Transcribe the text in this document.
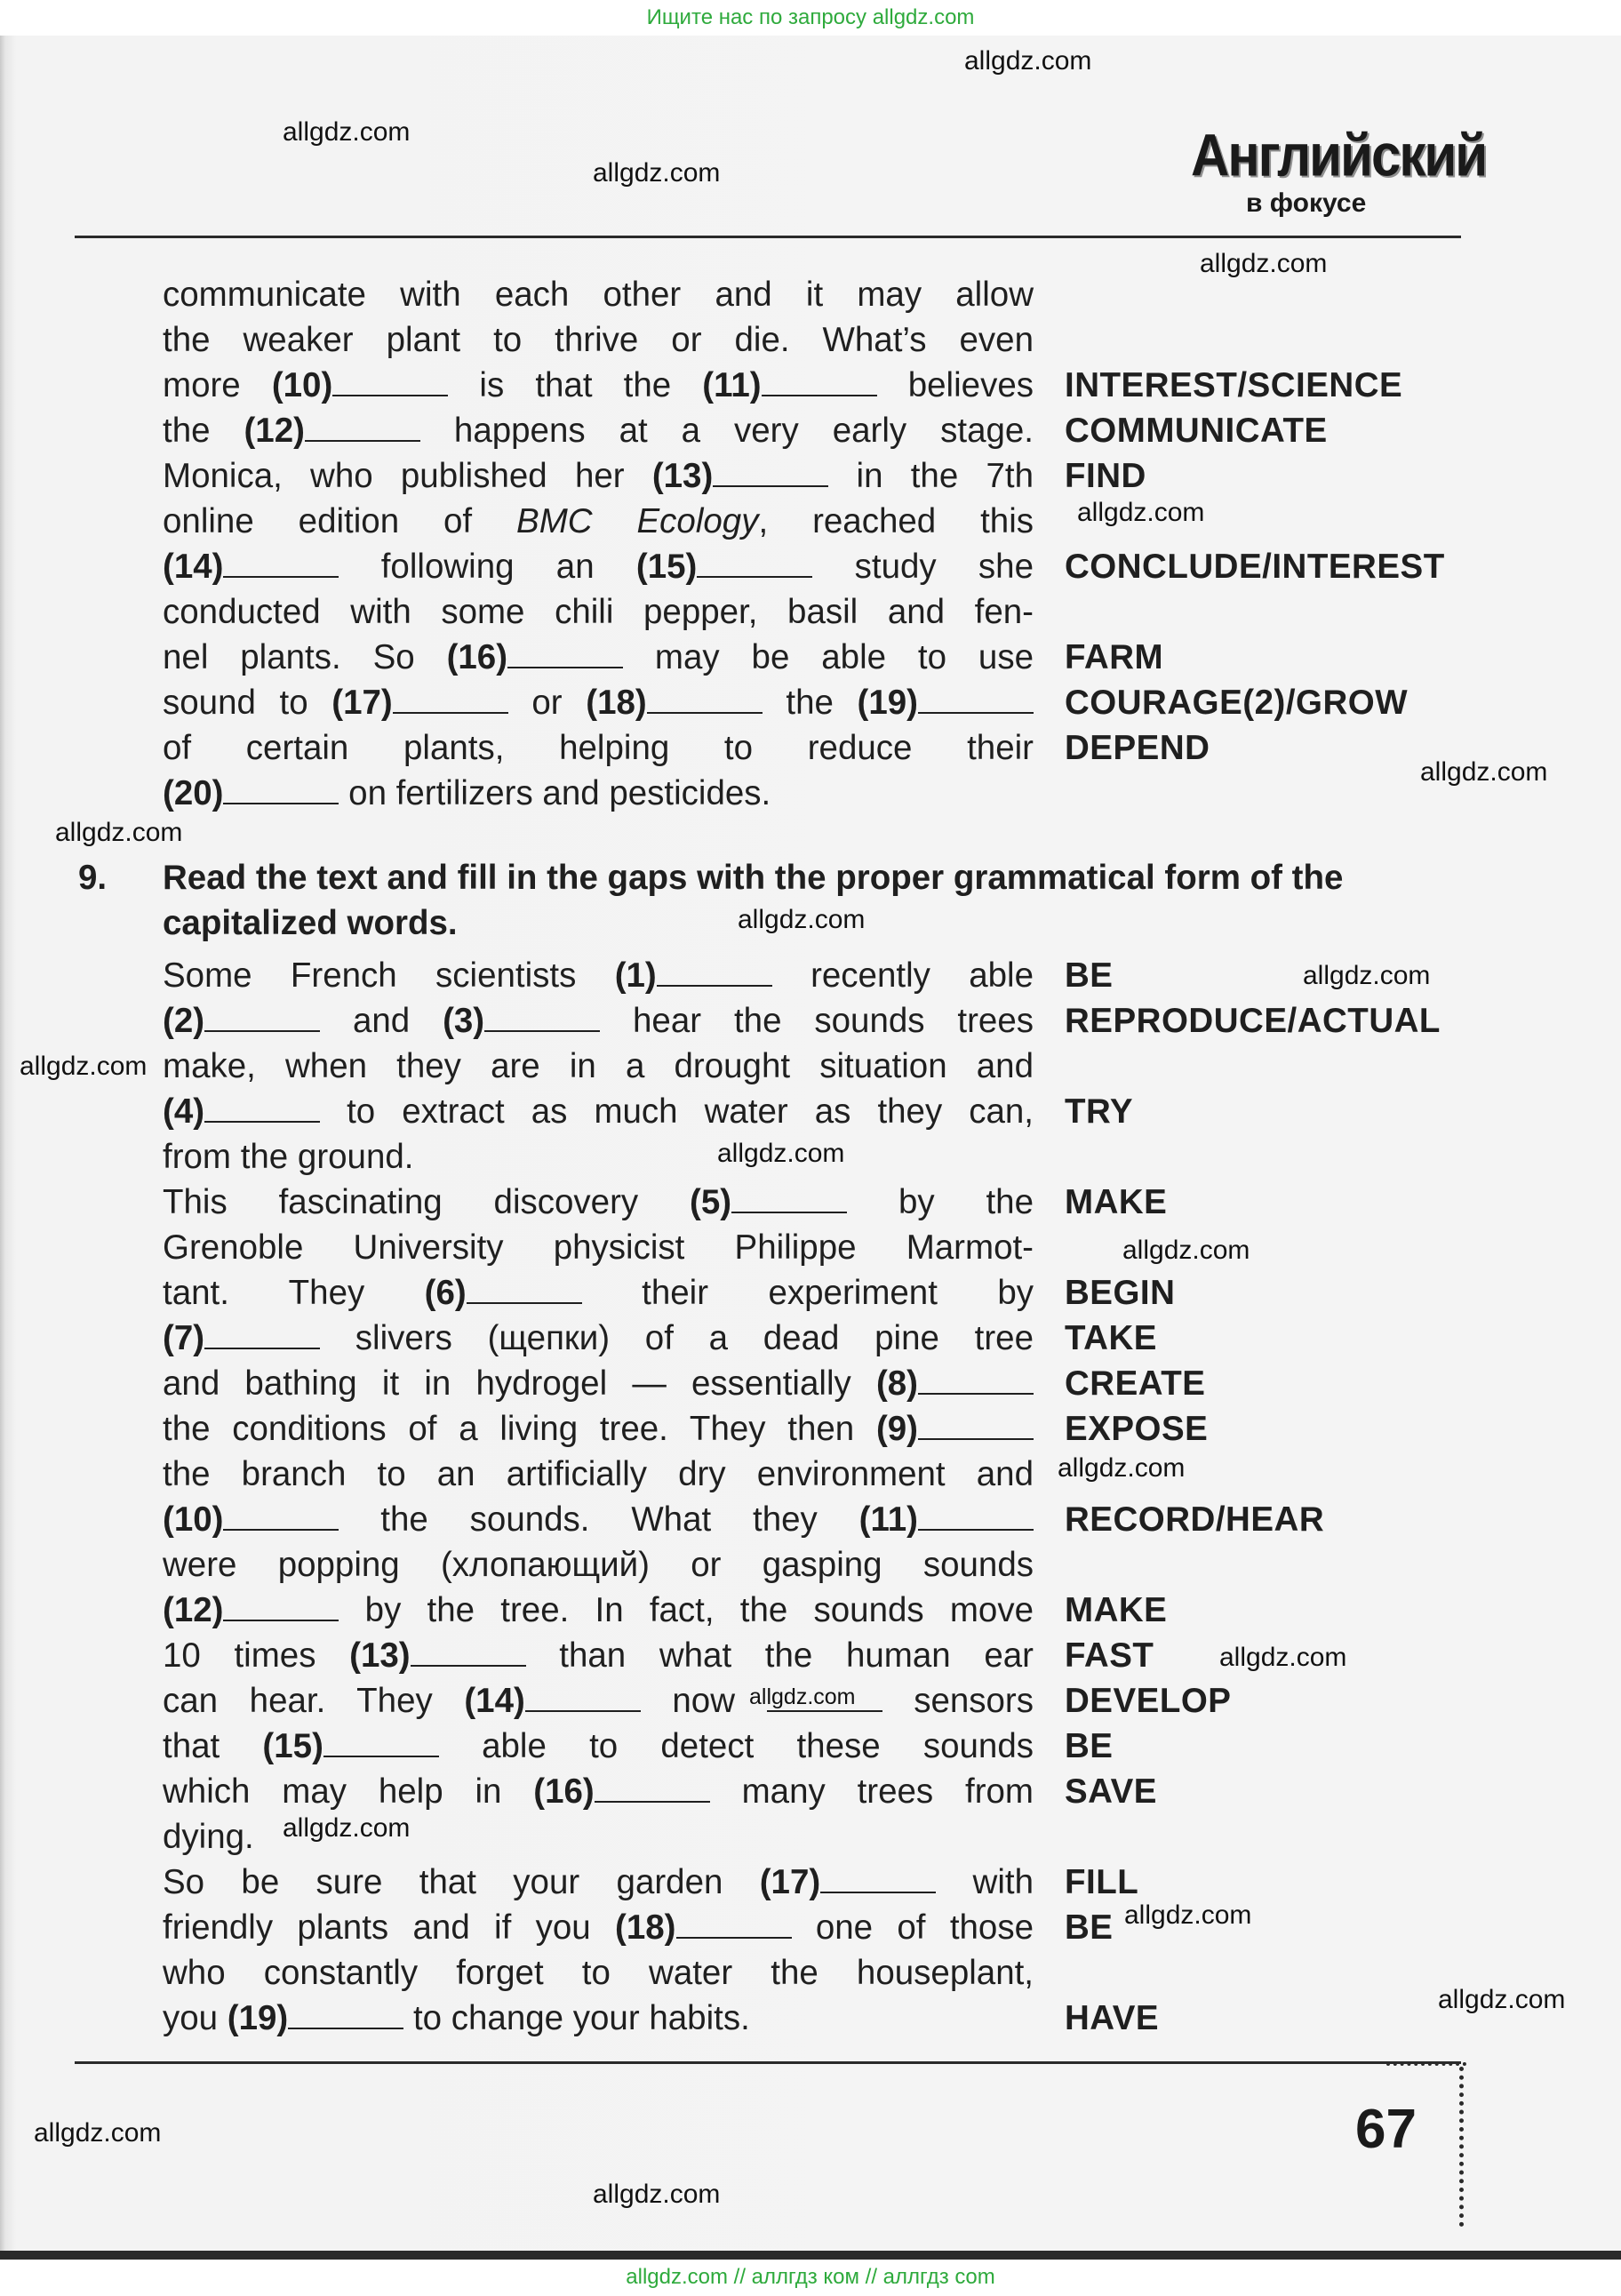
Ищите нас по запросу allgdz.com
Английский
в фокусе
communicate with each other and it may allow
the weaker plant to thrive or die. What’s even
more (10)	is that the (11)	believes
the (12)	happens at a very early stage.
Monica, who published her (13)	in the 7th
online edition of BMC Ecology, reached this
(14)	following an (15)	study she
conducted with some chili pepper, basil and fen-
nel plants. So (16)	may be able to use
sound to (17)	or (18)	the (19)
of certain plants, helping to reduce their
(20)	on fertilizers and pesticides.
9. Read the text and fill in the gaps with the proper grammatical form of the capitalized words.
Some French scientists (1)	recently able
(2)	and (3)	hear the sounds trees
make, when they are in a drought situation and
(4)	to extract as much water as they can,
from the ground.
This fascinating discovery (5)	by the
Grenoble University physicist Philippe Marmot-
tant. They (6)	their experiment by
(7)	slivers (щепки) of a dead pine tree
and bathing it in hydrogel — essentially (8)
the conditions of a living tree. They then (9)
the branch to an artificially dry environment and
(10)	the sounds. What they (11)
were popping (хлопающий) or gasping sounds
(12)	by the tree. In fact, the sounds move
10 times (13)	than what the human ear
can hear. They (14)	now	sensors
that (15)	able to detect these sounds
which may help in (16)	many trees from
dying.
So be sure that your garden (17)	with
friendly plants and if you (18)	one of those
who constantly forget to water the houseplant,
you (19)	to change your habits.
INTEREST/SCIENCE
COMMUNICATE
FIND
CONCLUDE/INTEREST
FARM
COURAGE(2)/GROW
DEPEND
BE
REPRODUCE/ACTUAL
TRY
MAKE
BEGIN
TAKE
CREATE
EXPOSE
RECORD/HEAR
MAKE
FAST
DEVELOP
BE
SAVE
FILL
BE
HAVE
67
allgdz.com
allgdz.com
allgdz.com
allgdz.com
allgdz.com
allgdz.com
allgdz.com
allgdz.com
allgdz.com
allgdz.com
allgdz.com
allgdz.com
allgdz.com
allgdz.com
allgdz.com
allgdz.com
allgdz.com
allgdz.com
allgdz.com
allgdz.com
allgdz.com // аллгдз ком // аллгдз com
